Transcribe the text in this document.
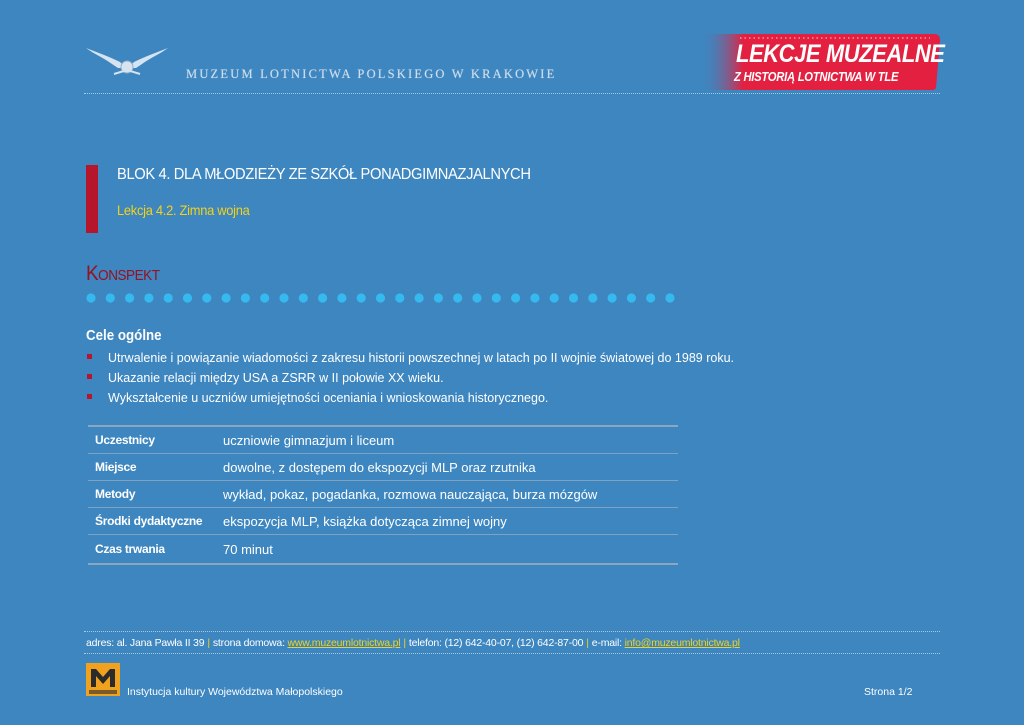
MUZEUM LOTNICTWA POLSKIEGO W KRAKOWIE
LEKCJE MUZEALNE
Z HISTORIĄ LOTNICTWA W TLE
BLOK 4. DLA MŁODZIEŻY ZE SZKÓŁ PONADGIMNAZJALNYCH
Lekcja 4.2. Zimna wojna
Konspekt
Cele ogólne
Utrwalenie i powiązanie wiadomości z zakresu historii powszechnej w latach po II wojnie światowej do 1989 roku.
Ukazanie relacji między USA a ZSRR w II połowie XX wieku.
Wykształcenie u uczniów umiejętności oceniania i wnioskowania historycznego.
Uczestnicy	uczniowie gimnazjum i liceum
Miejsce	dowolne, z dostępem do ekspozycji MLP oraz rzutnika
Metody	wykład, pokaz, pogadanka, rozmowa nauczająca, burza mózgów
Środki dydaktyczne	ekspozycja MLP, książka dotycząca zimnej wojny
Czas trwania	70 minut
adres: al. Jana Pawła II 39 | strona domowa: www.muzeumlotnictwa.pl | telefon: (12) 642-40-07, (12) 642-87-00 | e-mail: info@muzeumlotnictwa.pl
Instytucja kultury Województwa Małopolskiego	Strona 1/2
